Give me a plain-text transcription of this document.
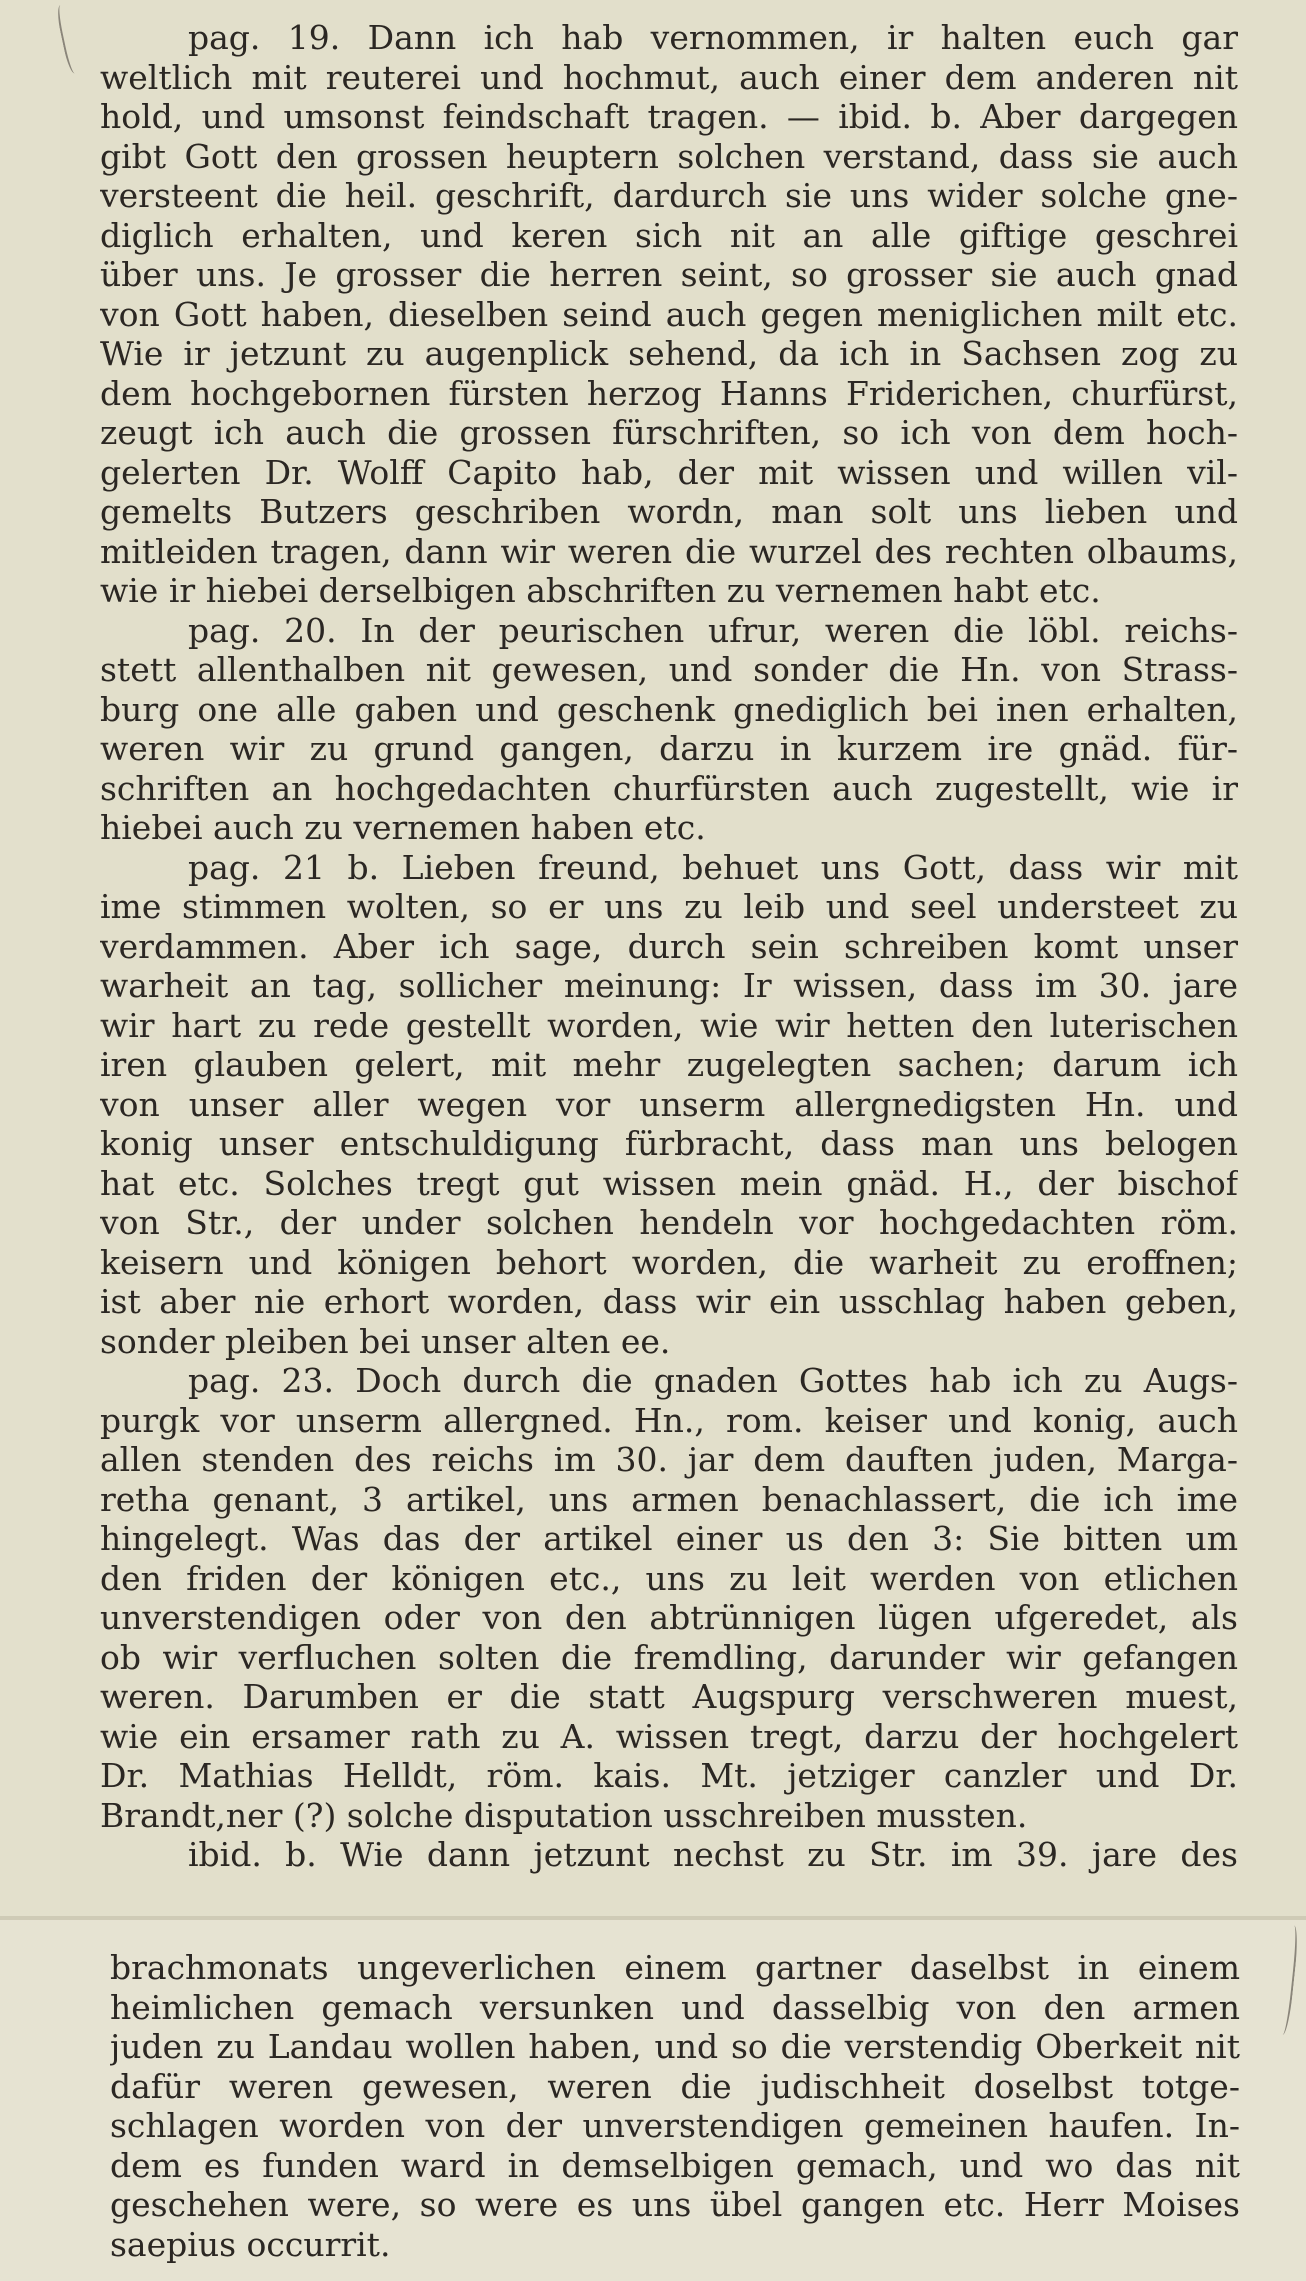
pag. 19. Dann ich hab vernommen, ir halten euch gar
weltlich mit reuterei und hochmut, auch einer dem anderen nit
hold, und umsonst feindschaft tragen. — ibid. b. Aber dargegen
gibt Gott den grossen heuptern solchen verstand, dass sie auch
versteent die heil. geschrift, dardurch sie uns wider solche gne-
diglich erhalten, und keren sich nit an alle giftige geschrei
über uns. Je grosser die herren seint, so grosser sie auch gnad
von Gott haben, dieselben seind auch gegen meniglichen milt etc.
Wie ir jetzunt zu augenplick sehend, da ich in Sachsen zog zu
dem hochgebornen fürsten herzog Hanns Friderichen, churfürst,
zeugt ich auch die grossen fürschriften, so ich von dem hoch-
gelerten Dr. Wolff Capito hab, der mit wissen und willen vil-
gemelts Butzers geschriben wordn, man solt uns lieben und
mitleiden tragen, dann wir weren die wurzel des rechten olbaums,
wie ir hiebei derselbigen abschriften zu vernemen habt etc.
pag. 20. In der peurischen ufrur, weren die löbl. reichs-
stett allenthalben nit gewesen, und sonder die Hn. von Strass-
burg one alle gaben und geschenk gnediglich bei inen erhalten,
weren wir zu grund gangen, darzu in kurzem ire gnäd. für-
schriften an hochgedachten churfürsten auch zugestellt, wie ir
hiebei auch zu vernemen haben etc.
pag. 21 b. Lieben freund, behuet uns Gott, dass wir mit
ime stimmen wolten, so er uns zu leib und seel understeet zu
verdammen. Aber ich sage, durch sein schreiben komt unser
warheit an tag, sollicher meinung: Ir wissen, dass im 30. jare
wir hart zu rede gestellt worden, wie wir hetten den luterischen
iren glauben gelert, mit mehr zugelegten sachen; darum ich
von unser aller wegen vor unserm allergnedigsten Hn. und
konig unser entschuldigung fürbracht, dass man uns belogen
hat etc. Solches tregt gut wissen mein gnäd. H., der bischof
von Str., der under solchen hendeln vor hochgedachten röm.
keisern und königen behort worden, die warheit zu eroffnen;
ist aber nie erhort worden, dass wir ein usschlag haben geben,
sonder pleiben bei unser alten ee.
pag. 23. Doch durch die gnaden Gottes hab ich zu Augs-
purgk vor unserm allergned. Hn., rom. keiser und konig, auch
allen stenden des reichs im 30. jar dem dauften juden, Marga-
retha genant, 3 artikel, uns armen benachlassert, die ich ime
hingelegt. Was das der artikel einer us den 3: Sie bitten um
den friden der königen etc., uns zu leit werden von etlichen
unverstendigen oder von den abtrünnigen lügen ufgeredet, als
ob wir verfluchen solten die fremdling, darunder wir gefangen
weren. Darumben er die statt Augspurg verschweren muest,
wie ein ersamer rath zu A. wissen tregt, darzu der hochgelert
Dr. Mathias Helldt, röm. kais. Mt. jetziger canzler und Dr.
Brandt,ner (?) solche disputation usschreiben mussten.
ibid. b. Wie dann jetzunt nechst zu Str. im 39. jare des
brachmonats ungeverlichen einem gartner daselbst in einem
heimlichen gemach versunken und dasselbig von den armen
juden zu Landau wollen haben, und so die verstendig Oberkeit nit
dafür weren gewesen, weren die judischheit doselbst totge-
schlagen worden von der unverstendigen gemeinen haufen. In-
dem es funden ward in demselbigen gemach, und wo das nit
geschehen were, so were es uns übel gangen etc. Herr Moises
saepius occurrit.
